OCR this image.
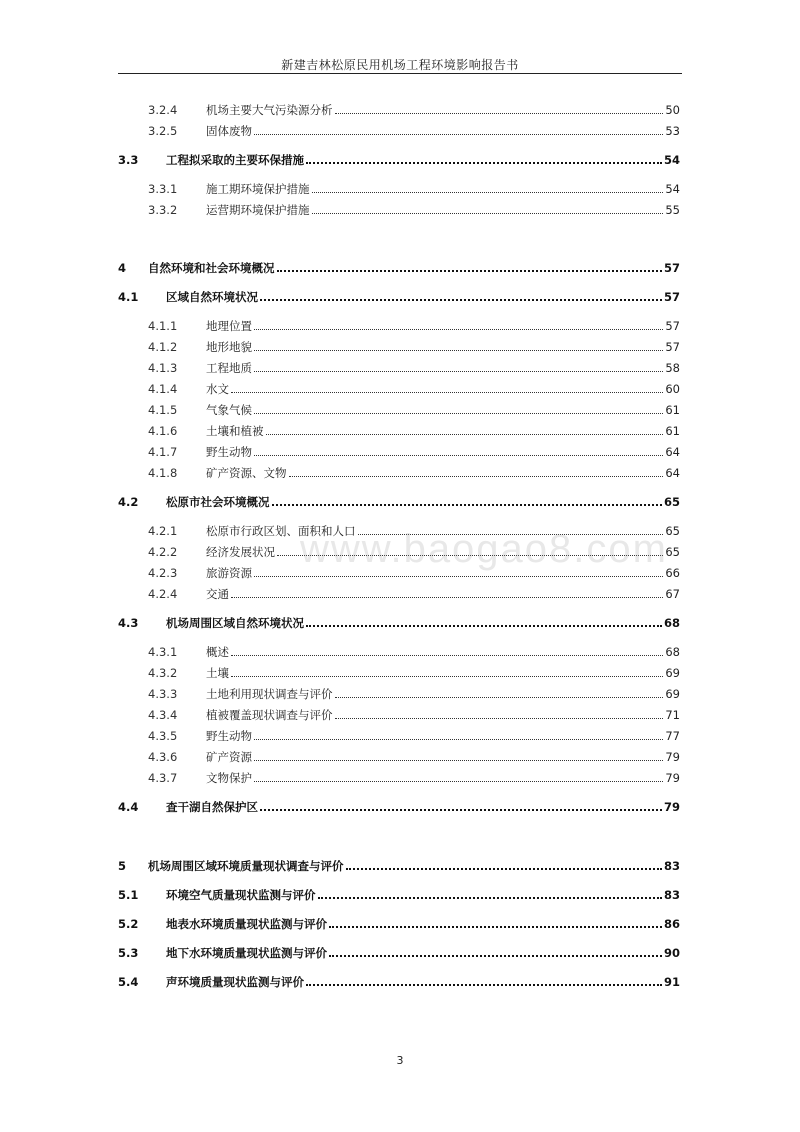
新建吉林松原民用机场工程环境影响报告书
3.2.4	机场主要大气污染源分析	50
3.2.5	固体废物	53
3.3	工程拟采取的主要环保措施	54
3.3.1	施工期环境保护措施	54
3.3.2	运营期环境保护措施	55
4	自然环境和社会环境概况	57
4.1	区域自然环境状况	57
4.1.1	地理位置	57
4.1.2	地形地貌	57
4.1.3	工程地质	58
4.1.4	水文	60
4.1.5	气象气候	61
4.1.6	土壤和植被	61
4.1.7	野生动物	64
4.1.8	矿产资源、文物	64
4.2	松原市社会环境概况	65
4.2.1	松原市行政区划、面积和人口	65
4.2.2	经济发展状况	65
4.2.3	旅游资源	66
4.2.4	交通	67
4.3	机场周围区域自然环境状况	68
4.3.1	概述	68
4.3.2	土壤	69
4.3.3	土地利用现状调查与评价	69
4.3.4	植被覆盖现状调查与评价	71
4.3.5	野生动物	77
4.3.6	矿产资源	79
4.3.7	文物保护	79
4.4	查干湖自然保护区	79
5	机场周围区域环境质量现状调查与评价	83
5.1	环境空气质量现状监测与评价	83
5.2	地表水环境质量现状监测与评价	86
5.3	地下水环境质量现状监测与评价	90
5.4	声环境质量现状监测与评价	91
www.baogao8.com
3
